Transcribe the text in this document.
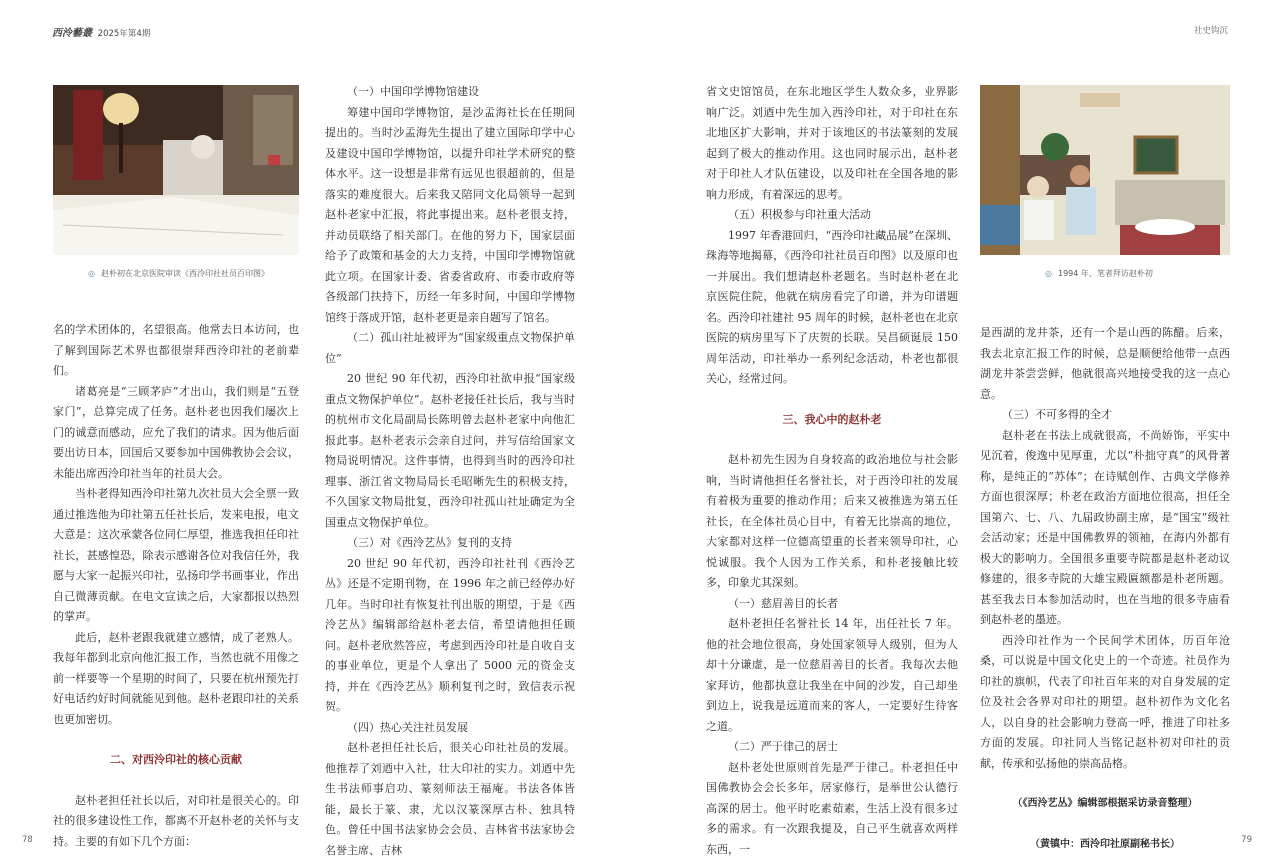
西泠藝叢 2025年第4期	社史钩沉
◎ 赵朴初在北京医院审读《西泠印社社员百印图》	◎ 1994 年，笔者拜访赵朴初

名的学术团体的，名望很高。他常去日本访问，也了解到国际艺术界也都很崇拜西泠印社的老前辈们。

诸葛亮是“三顾茅庐”才出山，我们则是“五登家门”，总算完成了任务。赵朴老也因我们屡次上门的诚意而感动，应允了我们的请求。因为他后面要出访日本，回国后又要参加中国佛教协会会议，未能出席西泠印社当年的社员大会。

当朴老得知西泠印社第九次社员大会全票一致通过推选他为印社第五任社长后，发来电报，电文大意是：这次承蒙各位同仁厚望，推选我担任印社社长，甚感惶恐，除表示感谢各位对我信任外，我愿与大家一起振兴印社，弘扬印学书画事业，作出自己微薄贡献。在电文宣读之后，大家都报以热烈的掌声。

此后，赵朴老跟我就建立感情，成了老熟人。我每年都到北京向他汇报工作，当然也就不用像之前一样要等一个星期的时间了，只要在杭州预先打好电话约好时间就能见到他。赵朴老跟印社的关系也更加密切。

二、对西泠印社的核心贡献

赵朴老担任社长以后，对印社是很关心的。印社的很多建设性工作，都离不开赵朴老的关怀与支持。主要的有如下几个方面：

（一）中国印学博物馆建设

筹建中国印学博物馆，是沙孟海社长在任期间提出的。当时沙孟海先生提出了建立国际印学中心及建设中国印学博物馆，以提升印社学术研究的整体水平。这一设想是非常有远见也很超前的，但是落实的难度很大。后来我又陪同文化局领导一起到赵朴老家中汇报，将此事提出来。赵朴老很支持，并动员联络了相关部门。在他的努力下，国家层面给予了政策和基金的大力支持，中国印学博物馆就此立项。在国家计委、省委省政府、市委市政府等各级部门扶持下，历经一年多时间，中国印学博物馆终于落成开馆，赵朴老更是亲自题写了馆名。

（二）孤山社址被评为“国家级重点文物保护单位”

20 世纪 90 年代初，西泠印社欲申报“国家级重点文物保护单位”。赵朴老接任社长后，我与当时的杭州市文化局副局长陈明曾去赵朴老家中向他汇报此事。赵朴老表示会亲自过问，并写信给国家文物局说明情况。这件事情，也得到当时的西泠印社理事、浙江省文物局局长毛昭晰先生的积极支持，不久国家文物局批复，西泠印社孤山社址确定为全国重点文物保护单位。

（三）对《西泠艺丛》复刊的支持

20 世纪 90 年代初，西泠印社社刊《西泠艺丛》还是不定期刊物，在 1996 年之前已经停办好几年。当时印社有恢复社刊出版的期望，于是《西泠艺丛》编辑部给赵朴老去信，希望请他担任顾问。赵朴老欣然答应，考虑到西泠印社是自收自支的事业单位，更是个人拿出了 5000 元的资金支持，并在《西泠艺丛》顺利复刊之时，致信表示祝贺。

（四）热心关注社员发展

赵朴老担任社长后，很关心印社社员的发展。他推荐了刘迺中入社，壮大印社的实力。刘迺中先生书法师事启功、篆刻师法王福庵。书法各体皆能，最长于篆、隶，尤以汉篆深厚古朴、独具特色。曾任中国书法家协会会员、吉林省书法家协会名誉主席、吉林

省文史馆馆员，在东北地区学生人数众多，业界影响广泛。刘迺中先生加入西泠印社，对于印社在东北地区扩大影响，并对于该地区的书法篆刻的发展起到了极大的推动作用。这也同时展示出，赵朴老对于印社人才队伍建设，以及印社在全国各地的影响力形成，有着深远的思考。

（五）积极参与印社重大活动

1997 年香港回归，“西泠印社藏品展”在深圳、珠海等地揭幕，《西泠印社社员百印图》以及原印也一并展出。我们想请赵朴老题名。当时赵朴老在北京医院住院，他就在病房看完了印谱，并为印谱题名。西泠印社建社 95 周年的时候，赵朴老也在北京医院的病房里写下了庆贺的长联。吴昌硕诞辰 150 周年活动，印社举办一系列纪念活动，朴老也都很关心，经常过问。

三、我心中的赵朴老

赵朴初先生因为自身较高的政治地位与社会影响，当时请他担任名誉社长，对于西泠印社的发展有着极为重要的推动作用；后来又被推选为第五任社长，在全体社员心目中，有着无比崇高的地位，大家都对这样一位德高望重的长者来领导印社，心悦诚服。我个人因为工作关系，和朴老接触比较多，印象尤其深刻。

（一）慈眉善目的长者

赵朴老担任名誉社长 14 年，出任社长 7 年。他的社会地位很高，身处国家领导人级别，但为人却十分谦虚，是一位慈眉善目的长者。我每次去他家拜访，他都执意让我坐在中间的沙发，自己却坐到边上，说我是远道而来的客人，一定要好生待客之道。

（二）严于律己的居士

赵朴老处世原则首先是严于律己。朴老担任中国佛教协会会长多年，居家修行，是举世公认德行高深的居士。他平时吃素茹素，生活上没有很多过多的需求。有一次跟我提及，自己平生就喜欢两样东西，一

是西湖的龙井茶，还有一个是山西的陈醋。后来，我去北京汇报工作的时候，总是顺便给他带一点西湖龙井茶尝尝鲜，他就很高兴地接受我的这一点心意。

（三）不可多得的全才

赵朴老在书法上成就很高，不尚娇饰，平实中见沉着，俊逸中见厚重，尤以“朴拙守真”的风骨著称，是纯正的“苏体”；在诗赋创作、古典文学修养方面也很深厚；朴老在政治方面地位很高，担任全国第六、七、八、九届政协副主席，是“国宝”级社会活动家；还是中国佛教界的领袖，在海内外都有极大的影响力。全国很多重要寺院都是赵朴老动议修建的，很多寺院的大雄宝殿匾额都是朴老所题。甚至我去日本参加活动时，也在当地的很多寺庙看到赵朴老的墨迹。

西泠印社作为一个民间学术团体，历百年沧桑，可以说是中国文化史上的一个奇迹。社员作为印社的旗帜，代表了印社百年来的对自身发展的定位及社会各界对印社的期望。赵朴初作为文化名人，以自身的社会影响力登高一呼，推进了印社多方面的发展。印社同人当铭记赵朴初对印社的贡献，传承和弘扬他的崇高品格。

（《西泠艺丛》编辑部根据采访录音整理）

（黄镇中：西泠印社原副秘书长）

78	79
